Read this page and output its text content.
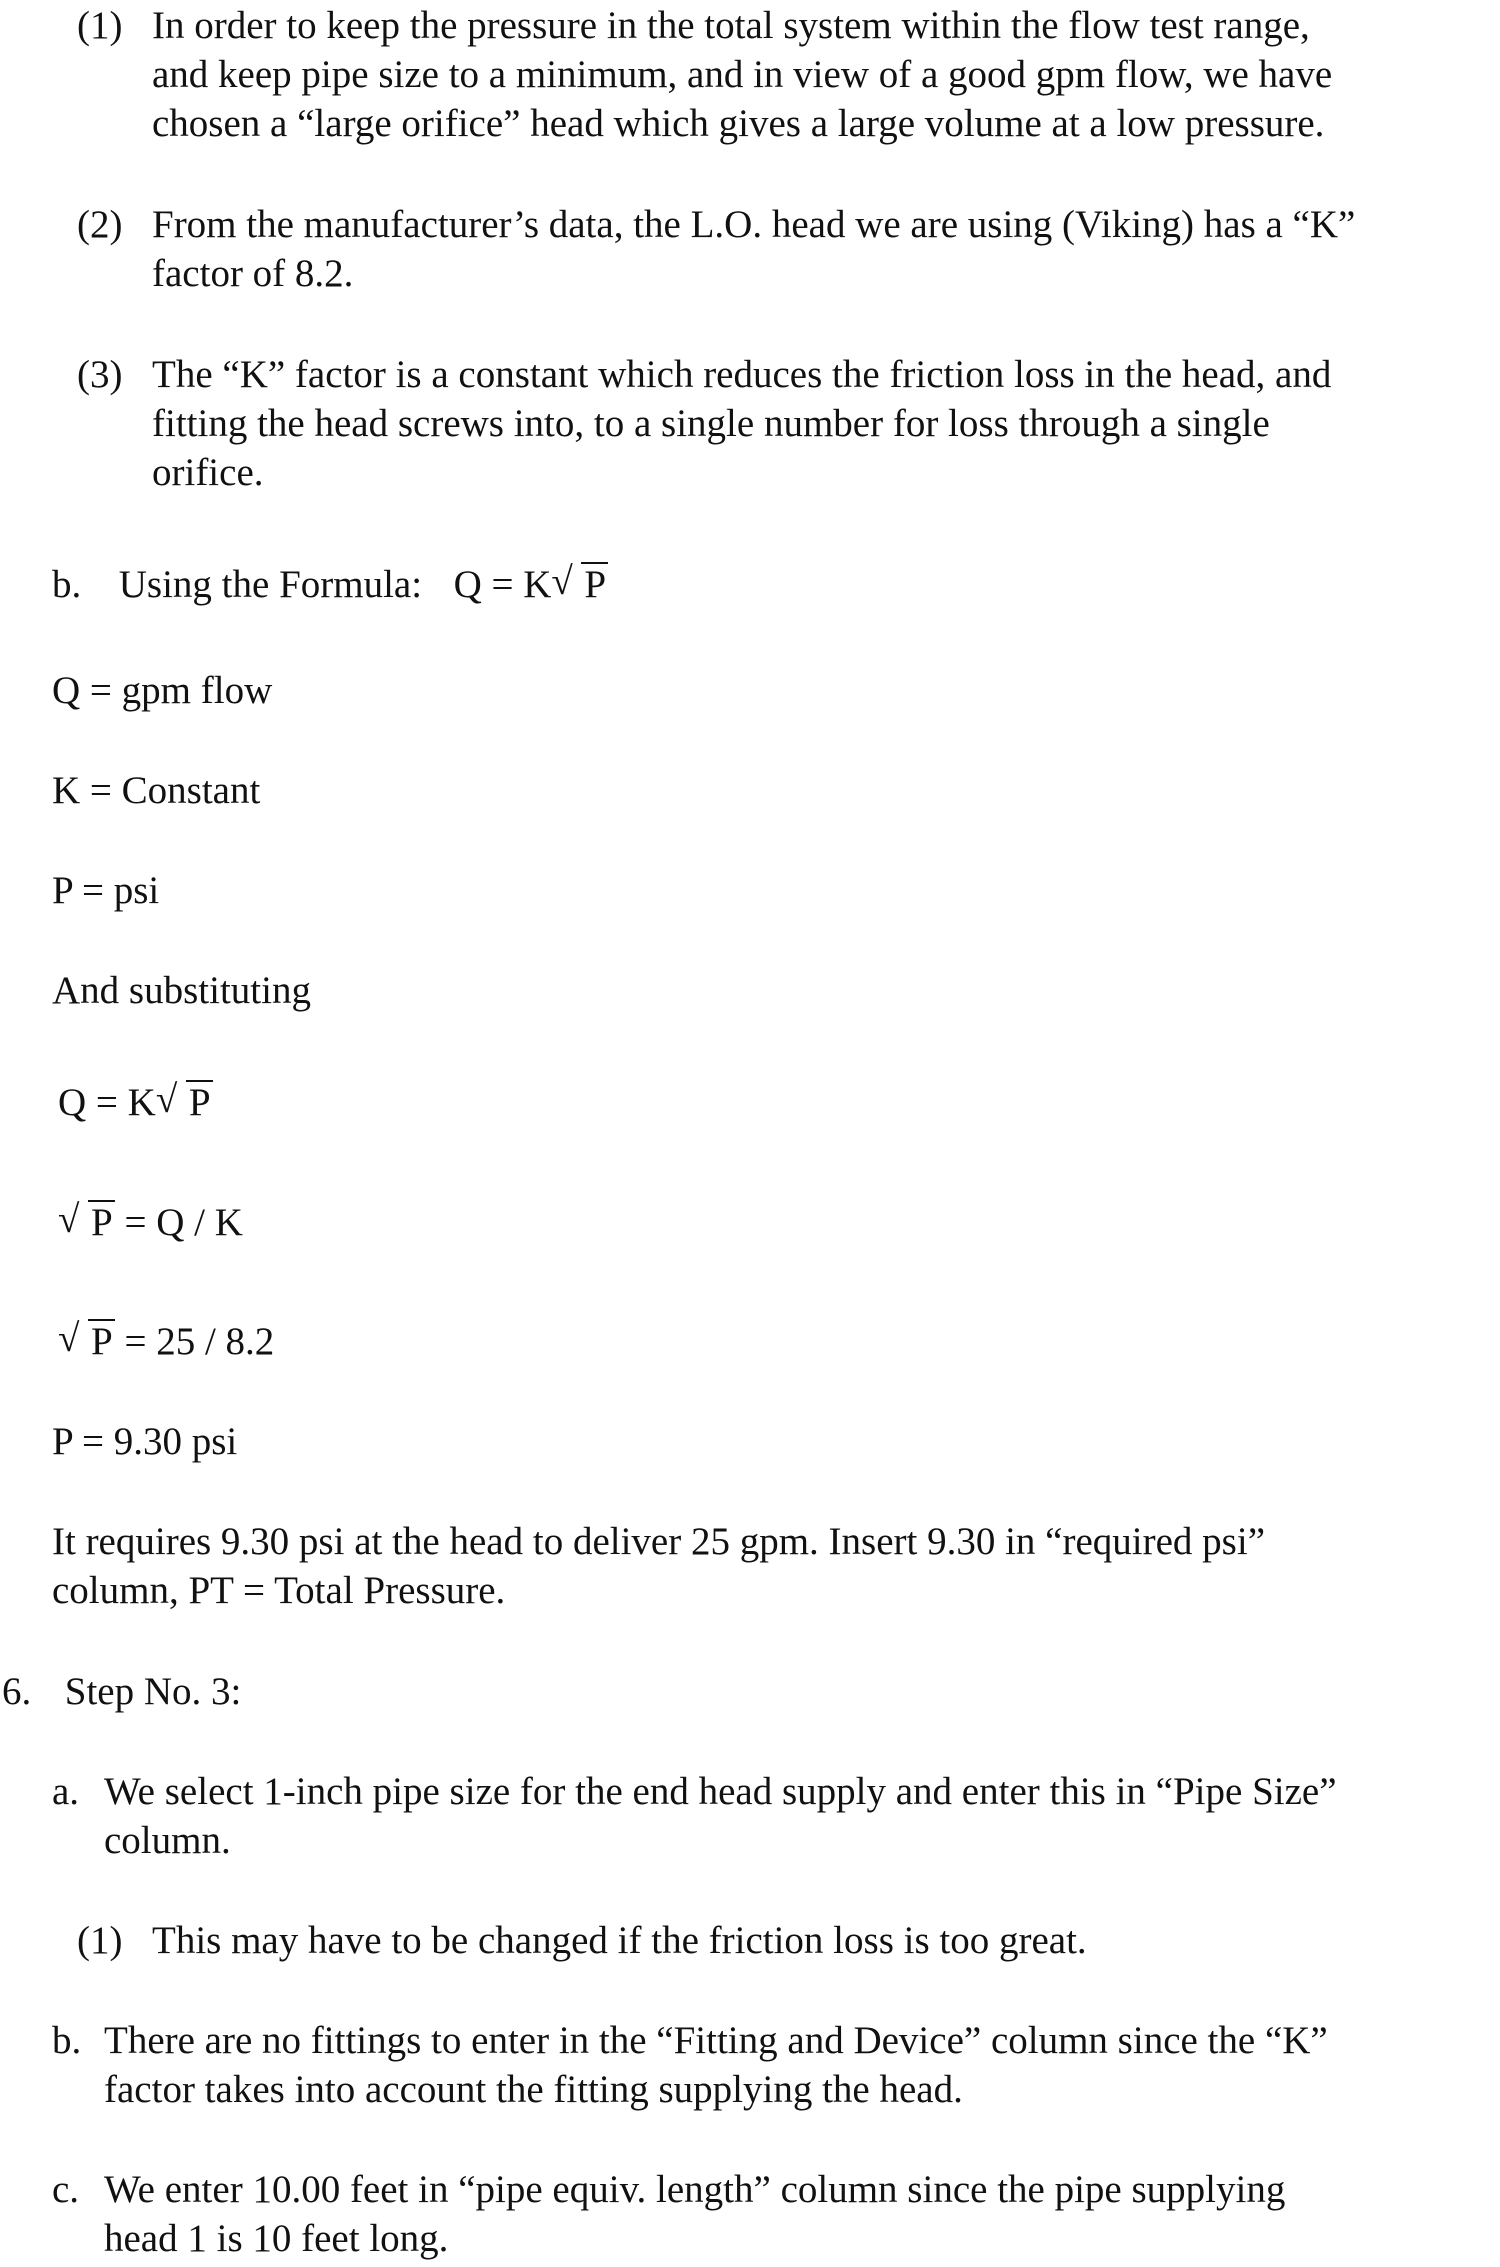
(1) In order to keep the pressure in the total system within the flow test range,
and keep pipe size to a minimum, and in view of a good gpm flow, we have
chosen a “large orifice” head which gives a large volume at a low pressure.
(2) From the manufacturer’s data, the L.O. head we are using (Viking) has a “K”
factor of 8.2.
(3) The “K” factor is a constant which reduces the friction loss in the head, and
fitting the head screws into, to a single number for loss through a single
orifice.
b. Using the Formula: Q = K √ P
Q = gpm flow
K = Constant
P = psi
And substituting
Q = K √ P
√ P = Q / K
√ P = 25 / 8.2
P = 9.30 psi
It requires 9.30 psi at the head to deliver 25 gpm. Insert 9.30 in “required psi”
column, PT = Total Pressure.
6. Step No. 3:
a. We select 1-inch pipe size for the end head supply and enter this in “Pipe Size”
column.
(1) This may have to be changed if the friction loss is too great.
b. There are no fittings to enter in the “Fitting and Device” column since the “K”
factor takes into account the fitting supplying the head.
c. We enter 10.00 feet in “pipe equiv. length” column since the pipe supplying
head 1 is 10 feet long.
